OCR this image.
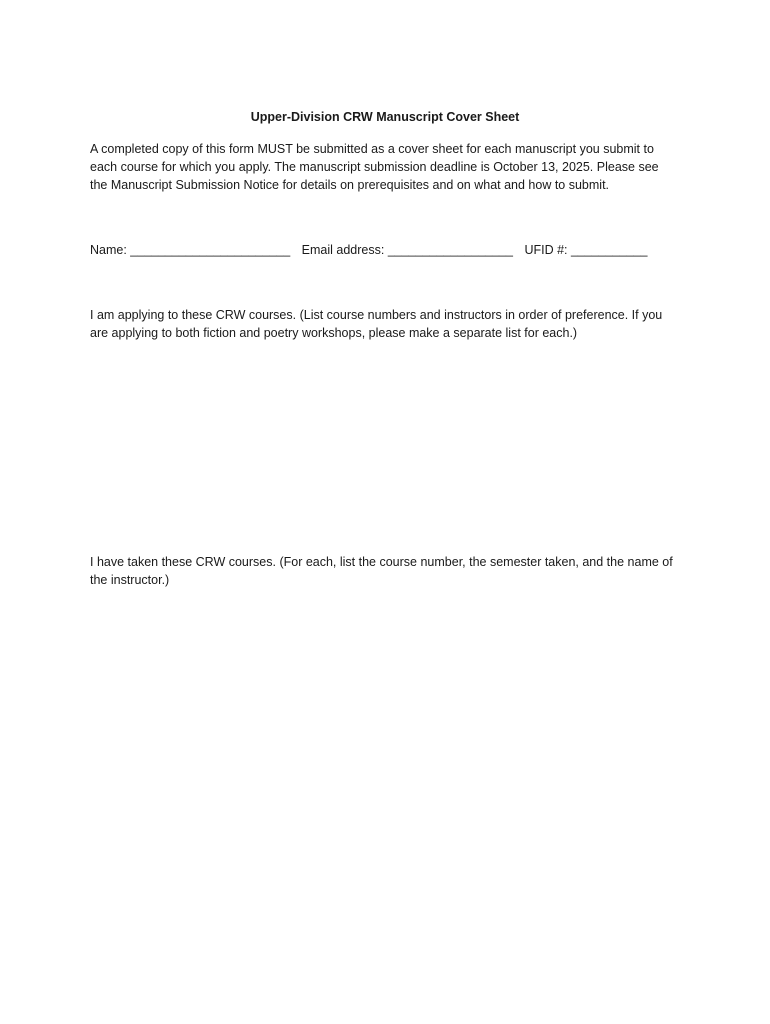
Upper-Division CRW Manuscript Cover Sheet
A completed copy of this form MUST be submitted as a cover sheet for each manuscript you submit to
each course for which you apply. The manuscript submission deadline is October 13, 2025. Please see
the Manuscript Submission Notice for details on prerequisites and on what and how to submit.
Name: _______________________ Email address: __________________ UFID #: ___________
I am applying to these CRW courses. (List course numbers and instructors in order of preference. If you
are applying to both fiction and poetry workshops, please make a separate list for each.)
I have taken these CRW courses. (For each, list the course number, the semester taken, and the name of
the instructor.)
